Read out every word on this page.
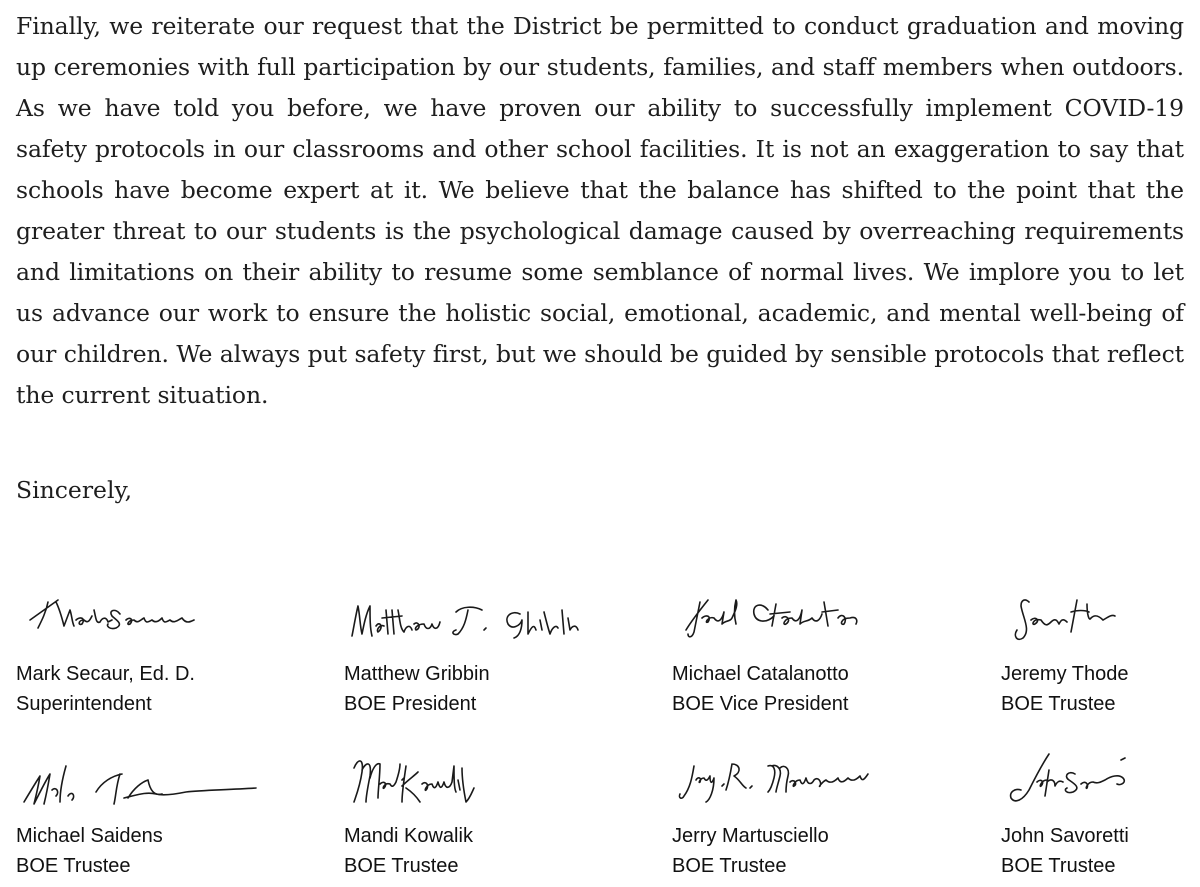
Finally, we reiterate our request that the District be permitted to conduct graduation and moving up ceremonies with full participation by our students, families, and staff members when outdoors. As we have told you before, we have proven our ability to successfully implement COVID-19 safety protocols in our classrooms and other school facilities. It is not an exaggeration to say that schools have become expert at it. We believe that the balance has shifted to the point that the greater threat to our students is the psychological damage caused by overreaching requirements and limitations on their ability to resume some semblance of normal lives. We implore you to let us advance our work to ensure the holistic social, emotional, academic, and mental well-being of our children. We always put safety first, but we should be guided by sensible protocols that reflect the current situation.

Sincerely,

Mark Secaur, Ed. D.
Superintendent
Matthew Gribbin
BOE President
Michael Catalanotto
BOE Vice President
Jeremy Thode
BOE Trustee
Michael Saidens
BOE Trustee
Mandi Kowalik
BOE Trustee
Jerry Martusciello
BOE Trustee
John Savoretti
BOE Trustee
